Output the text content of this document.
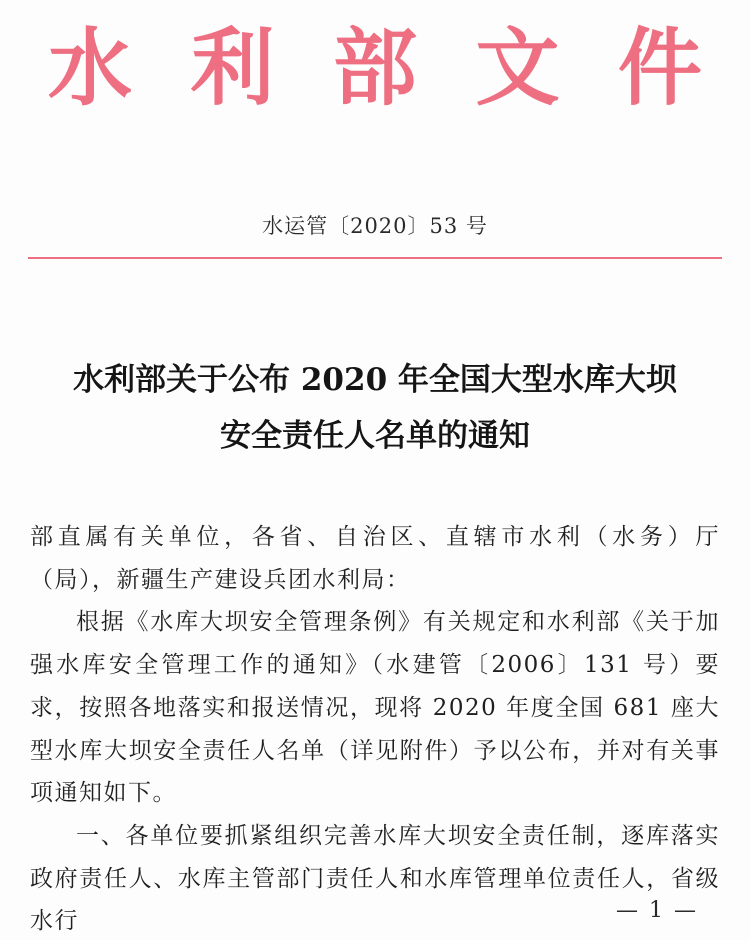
水 利 部 文 件
水运管〔2020〕53 号
水利部关于公布 2020 年全国大型水库大坝
安全责任人名单的通知

部直属有关单位，各省、自治区、直辖市水利（水务）厅（局），新疆生产建设兵团水利局：

根据《水库大坝安全管理条例》有关规定和水利部《关于加强水库安全管理工作的通知》（水建管〔2006〕131 号）要求，按照各地落实和报送情况，现将 2020 年度全国 681 座大型水库大坝安全责任人名单（详见附件）予以公布，并对有关事项通知如下。

一、各单位要抓紧组织完善水库大坝安全责任制，逐库落实政府责任人、水库主管部门责任人和水库管理单位责任人，省级水行	— 1 —
